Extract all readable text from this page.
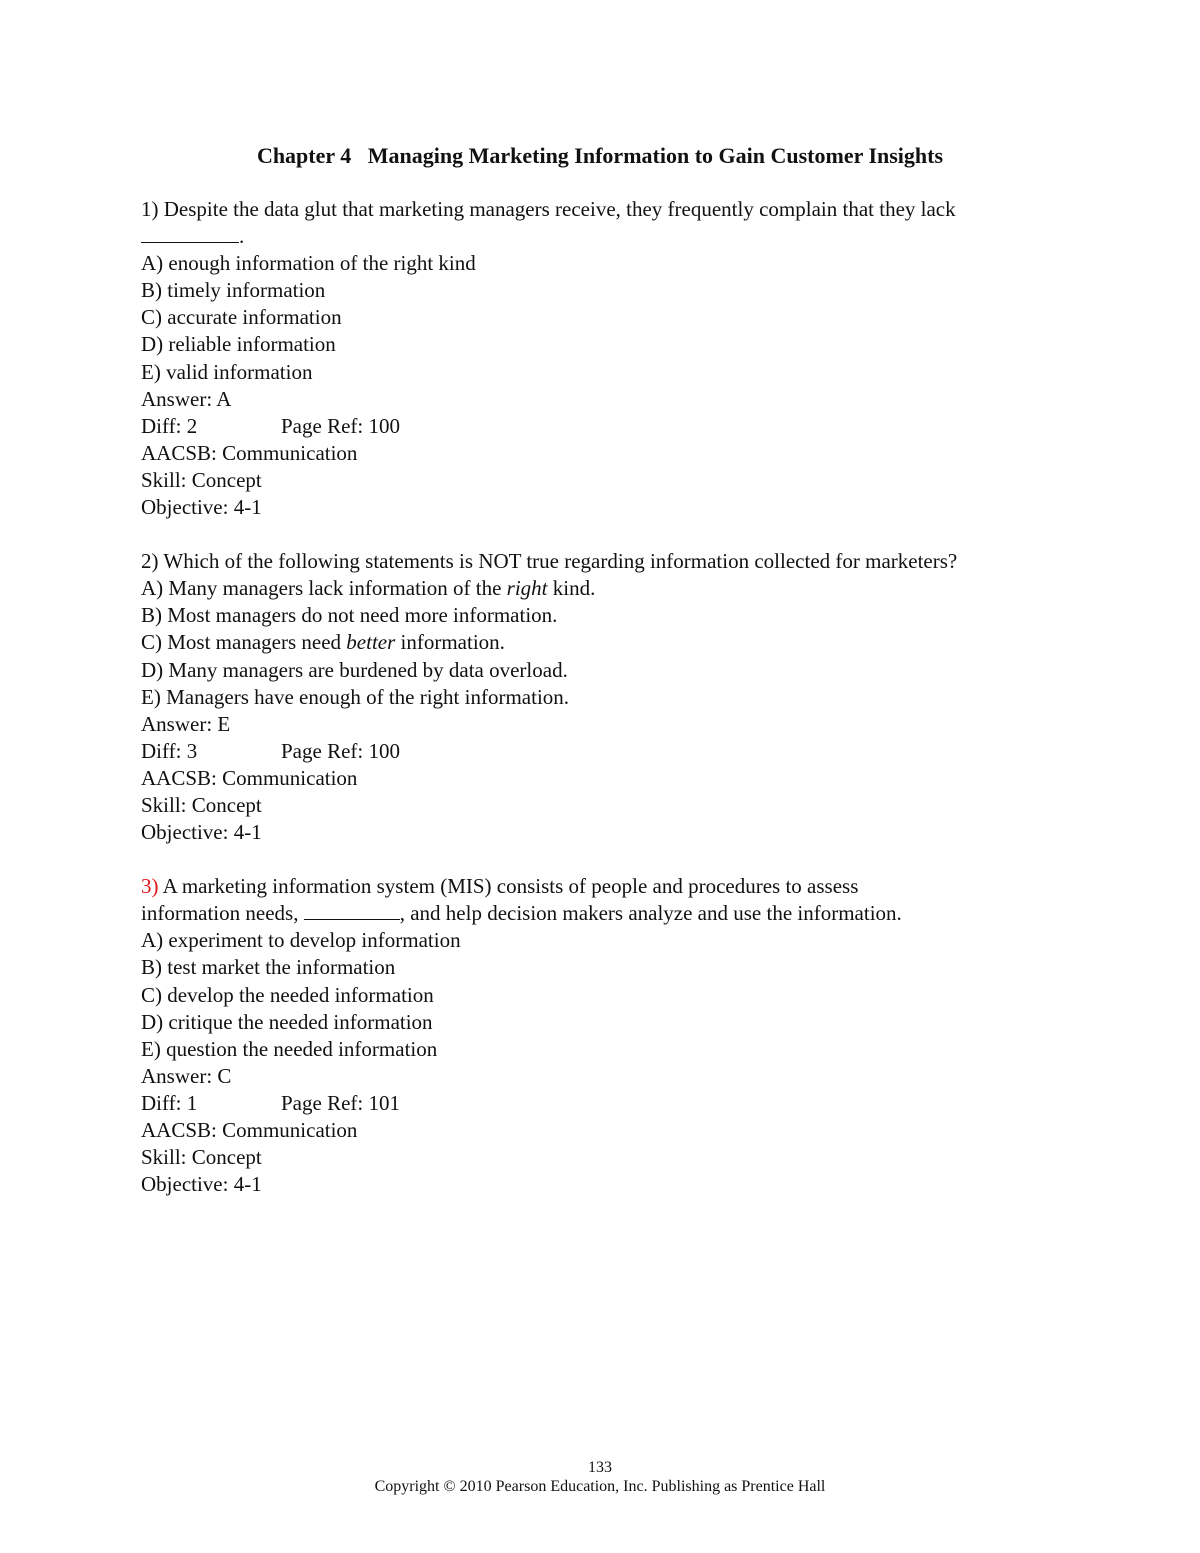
Chapter 4   Managing Marketing Information to Gain Customer Insights

1) Despite the data glut that marketing managers receive, they frequently complain that they lack

.

A) enough information of the right kind

B) timely information

C) accurate information

D) reliable information

E) valid information

Answer: A

Diff: 2	Page Ref: 100

AACSB: Communication

Skill: Concept

Objective: 4-1

2) Which of the following statements is NOT true regarding information collected for marketers?

A) Many managers lack information of the right kind.

B) Most managers do not need more information.

C) Most managers need better information.

D) Many managers are burdened by data overload.

E) Managers have enough of the right information.

Answer: E

Diff: 3	Page Ref: 100

AACSB: Communication

Skill: Concept

Objective: 4-1

3) A marketing information system (MIS) consists of people and procedures to assess

information needs,	, and help decision makers analyze and use the information.

A) experiment to develop information

B) test market the information

C) develop the needed information

D) critique the needed information

E) question the needed information

Answer: C

Diff: 1	Page Ref: 101

AACSB: Communication

Skill: Concept

Objective: 4-1

133
Copyright © 2010 Pearson Education, Inc. Publishing as Prentice Hall
